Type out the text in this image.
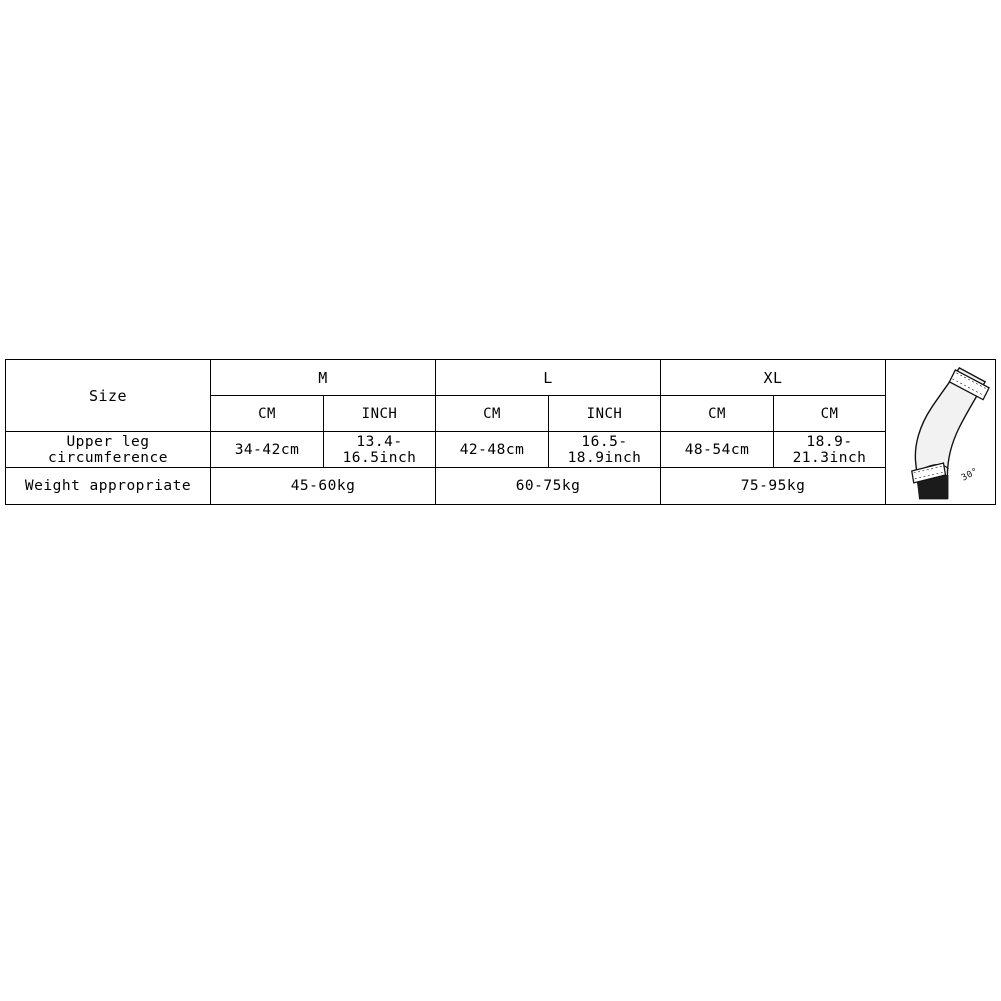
Size	M		L		XL		30°

	CM	INCH	CM	INCH	CM	CM	
Upper leg circumference	34-42cm	13.4-16.5inch	42-48cm	16.5-18.9inch	48-54cm	18.9-21.3inch	
Weight appropriate	45-60kg		60-75kg		75-95kg		
